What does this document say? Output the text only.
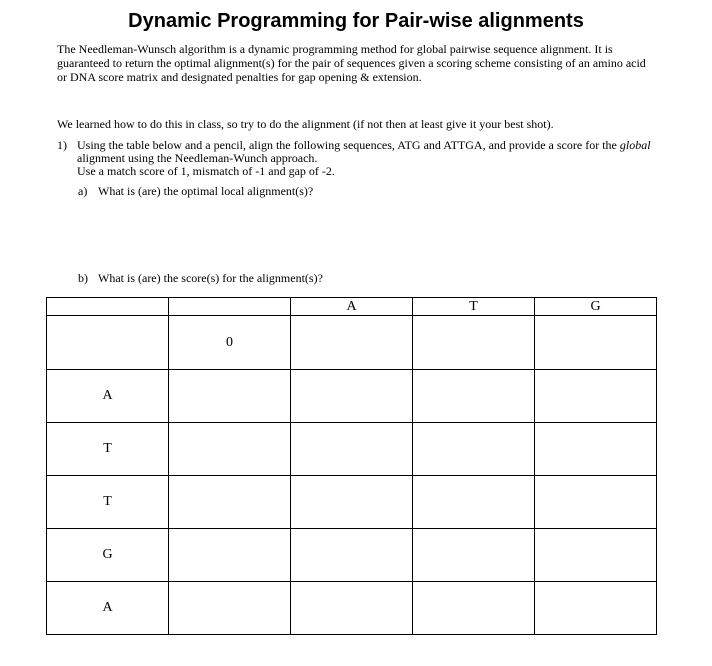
Dynamic Programming for Pair-wise alignments
The Needleman-Wunsch algorithm is a dynamic programming method for global pairwise sequence alignment. It is guaranteed to return the optimal alignment(s) for the pair of sequences given a scoring scheme consisting of an amino acid or DNA score matrix and designated penalties for gap opening & extension.
We learned how to do this in class, so try to do the alignment (if not then at least give it your best shot).
1) Using the table below and a pencil, align the following sequences, ATG and ATTGA, and provide a score for the global alignment using the Needleman-Wunch approach.
Use a match score of 1, mismatch of -1 and gap of -2.
a) What is (are) the optimal local alignment(s)?
b) What is (are) the score(s) for the alignment(s)?
		A	T	G
	0			
A				
T				
T				
G				
A				
